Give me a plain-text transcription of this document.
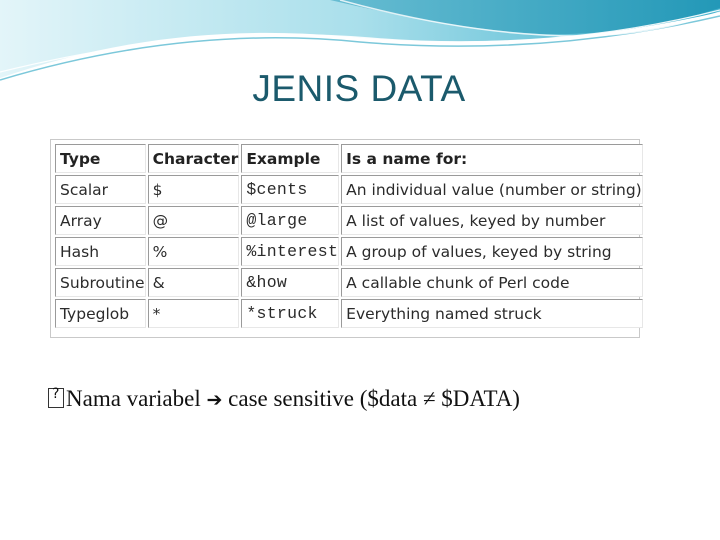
JENIS DATA
Type	Character	Example	Is a name for:
Scalar	$	$cents	An individual value (number or string)
Array	@	@large	A list of values, keyed by number
Hash	%	%interest	A group of values, keyed by string
Subroutine	&	&how	A callable chunk of Perl code
Typeglob	*	*struck	Everything named struck
?Nama variabel ➔ case sensitive ($data ≠ $DATA)
